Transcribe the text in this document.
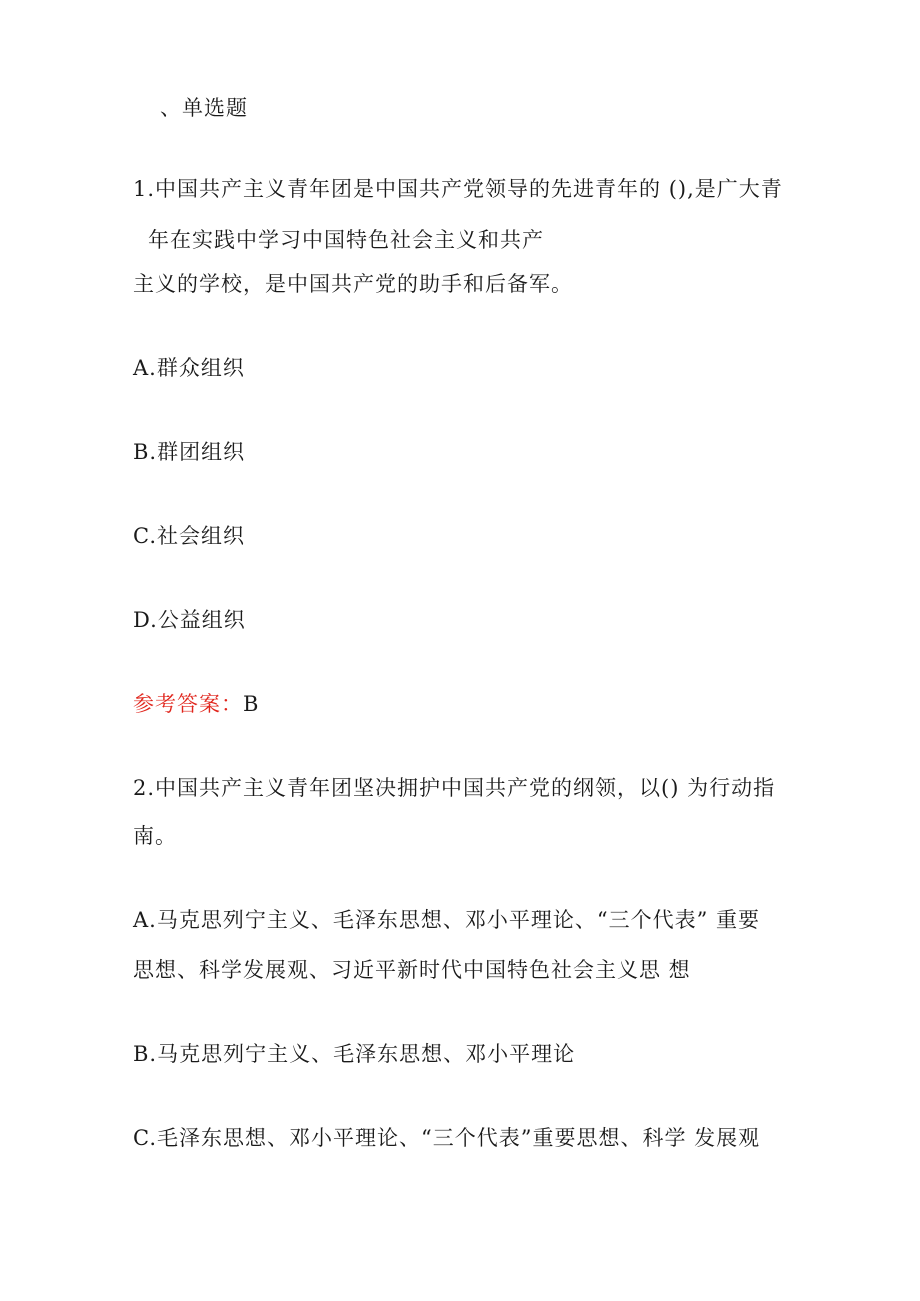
、单选题
1.中国共产主义青年团是中国共产党领导的先进青年的 (),是广大青
年在实践中学习中国特色社会主义和共产
主义的学校，是中国共产党的助手和后备军。
A.群众组织
B.群团组织
C.社会组织
D.公益组织
参考答案：B
2.中国共产主义青年团坚决拥护中国共产党的纲领，以() 为行动指
南。
A.马克思列宁主义、毛泽东思想、邓小平理论、“三个代表” 重要
思想、科学发展观、习近平新时代中国特色社会主义思 想
B.马克思列宁主义、毛泽东思想、邓小平理论
C.毛泽东思想、邓小平理论、“三个代表”重要思想、科学 发展观
